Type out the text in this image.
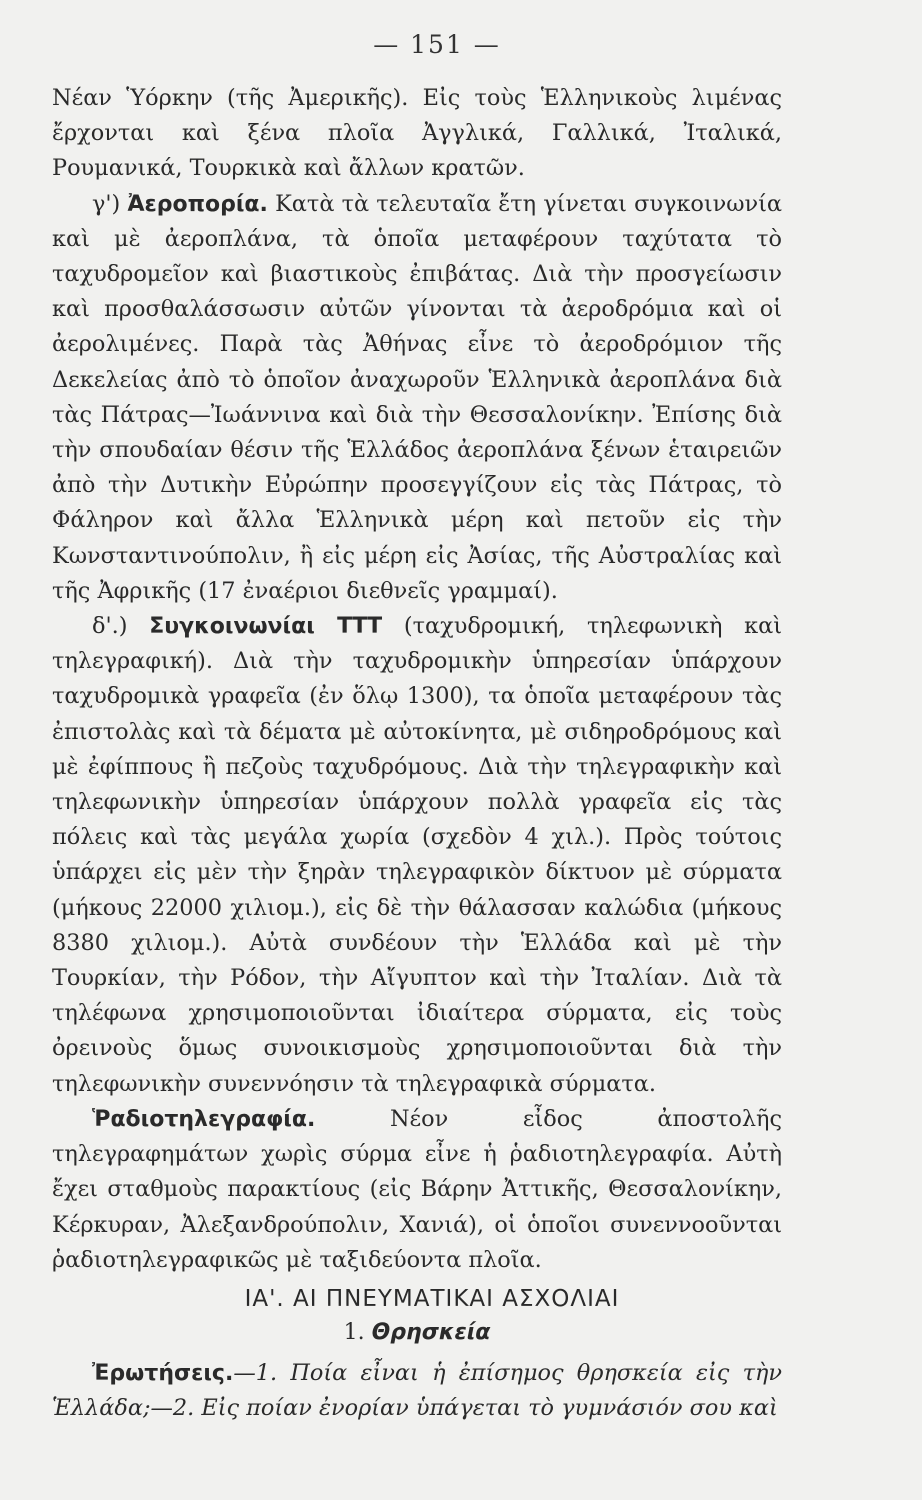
— 151 —

Νέαν Ὑόρκην (τῆς Ἀμερικῆς). Εἰς τοὺς Ἑλληνικοὺς λιμένας ἔρχονται καὶ ξένα πλοῖα Ἀγγλικά, Γαλλικά, Ἰταλικά, Ρουμανικά, Τουρκικὰ καὶ ἄλλων κρατῶν.

γ') Ἀεροπορία. Κατὰ τὰ τελευταῖα ἔτη γίνεται συγκοινωνία καὶ μὲ ἀεροπλάνα, τὰ ὁποῖα μεταφέρουν ταχύτατα τὸ ταχυδρομεῖον καὶ βιαστικοὺς ἐπιβάτας. Διὰ τὴν προσγείωσιν καὶ προσθαλάσσωσιν αὐτῶν γίνονται τὰ ἀεροδρόμια καὶ οἱ ἀερολιμένες. Παρὰ τὰς Ἀθήνας εἶνε τὸ ἀεροδρόμιον τῆς Δεκελείας ἀπὸ τὸ ὁποῖον ἀναχωροῦν Ἑλληνικὰ ἀεροπλάνα διὰ τὰς Πάτρας—Ἰωάννινα καὶ διὰ τὴν Θεσσαλονίκην. Ἐπίσης διὰ τὴν σπουδαίαν θέσιν τῆς Ἑλλάδος ἀεροπλάνα ξένων ἑταιρειῶν ἀπὸ τὴν Δυτικὴν Εὐρώπην προσεγγίζουν εἰς τὰς Πάτρας, τὸ Φάληρον καὶ ἄλλα Ἑλληνικὰ μέρη καὶ πετοῦν εἰς τὴν Κωνσταντινούπολιν, ἢ εἰς μέρη εἰς Ἀσίας, τῆς Αὐστραλίας καὶ τῆς Ἀφρικῆς (17 ἐναέριοι διεθνεῖς γραμμαί).

δ'.) Συγκοινωνίαι ΤΤΤ (ταχυδρομική, τηλεφωνικὴ καὶ τηλεγραφική). Διὰ τὴν ταχυδρομικὴν ὑπηρεσίαν ὑπάρχουν ταχυδρομικὰ γραφεῖα (ἐν ὅλῳ 1300), τα ὁποῖα μεταφέρουν τὰς ἐπιστολὰς καὶ τὰ δέματα μὲ αὐτοκίνητα, μὲ σιδηροδρόμους καὶ μὲ ἐφίππους ἢ πεζοὺς ταχυδρόμους. Διὰ τὴν τηλεγραφικὴν καὶ τηλεφωνικὴν ὑπηρεσίαν ὑπάρχουν πολλὰ γραφεῖα εἰς τὰς πόλεις καὶ τὰς μεγάλα χωρία (σχεδὸν 4 χιλ.). Πρὸς τούτοις ὑπάρχει εἰς μὲν τὴν ξηρὰν τηλεγραφικὸν δίκτυον μὲ σύρματα (μήκους 22000 χιλιομ.), εἰς δὲ τὴν θάλασσαν καλώδια (μήκους 8380 χιλιομ.). Αὐτὰ συνδέουν τὴν Ἑλλάδα καὶ μὲ τὴν Τουρκίαν, τὴν Ρόδον, τὴν Αἴγυπτον καὶ τὴν Ἰταλίαν. Διὰ τὰ τηλέφωνα χρησιμοποιοῦνται ἰδιαίτερα σύρματα, εἰς τοὺς ὀρεινοὺς ὅμως συνοικισμοὺς χρησιμοποιοῦνται διὰ τὴν τηλεφωνικὴν συνεννόησιν τὰ τηλεγραφικὰ σύρματα.

Ῥαδιοτηλεγραφία.	Νέον εἶδος ἀποστολῆς τηλεγραφημάτων χωρὶς σύρμα εἶνε ἡ ῥαδιοτηλεγραφία. Αὐτὴ ἔχει σταθμοὺς παρακτίους (εἰς Βάρην Ἀττικῆς, Θεσσαλονίκην, Κέρκυραν, Ἀλεξανδρούπολιν, Χανιά), οἱ ὁποῖοι συνεννοοῦνται ῥαδιοτηλεγραφικῶς μὲ ταξιδεύοντα πλοῖα.

ΙΑ'. ΑΙ ΠΝΕΥΜΑΤΙΚΑΙ ΑΣΧΟΛΙΑΙ
1. Θρησκεία

Ἐρωτήσεις.—1. Ποία εἶναι ἡ ἐπίσημος θρησκεία εἰς τὴν Ἑλλάδα;—2. Εἰς ποίαν ἐνορίαν ὑπάγεται τὸ γυμνάσιόν σου καὶ
